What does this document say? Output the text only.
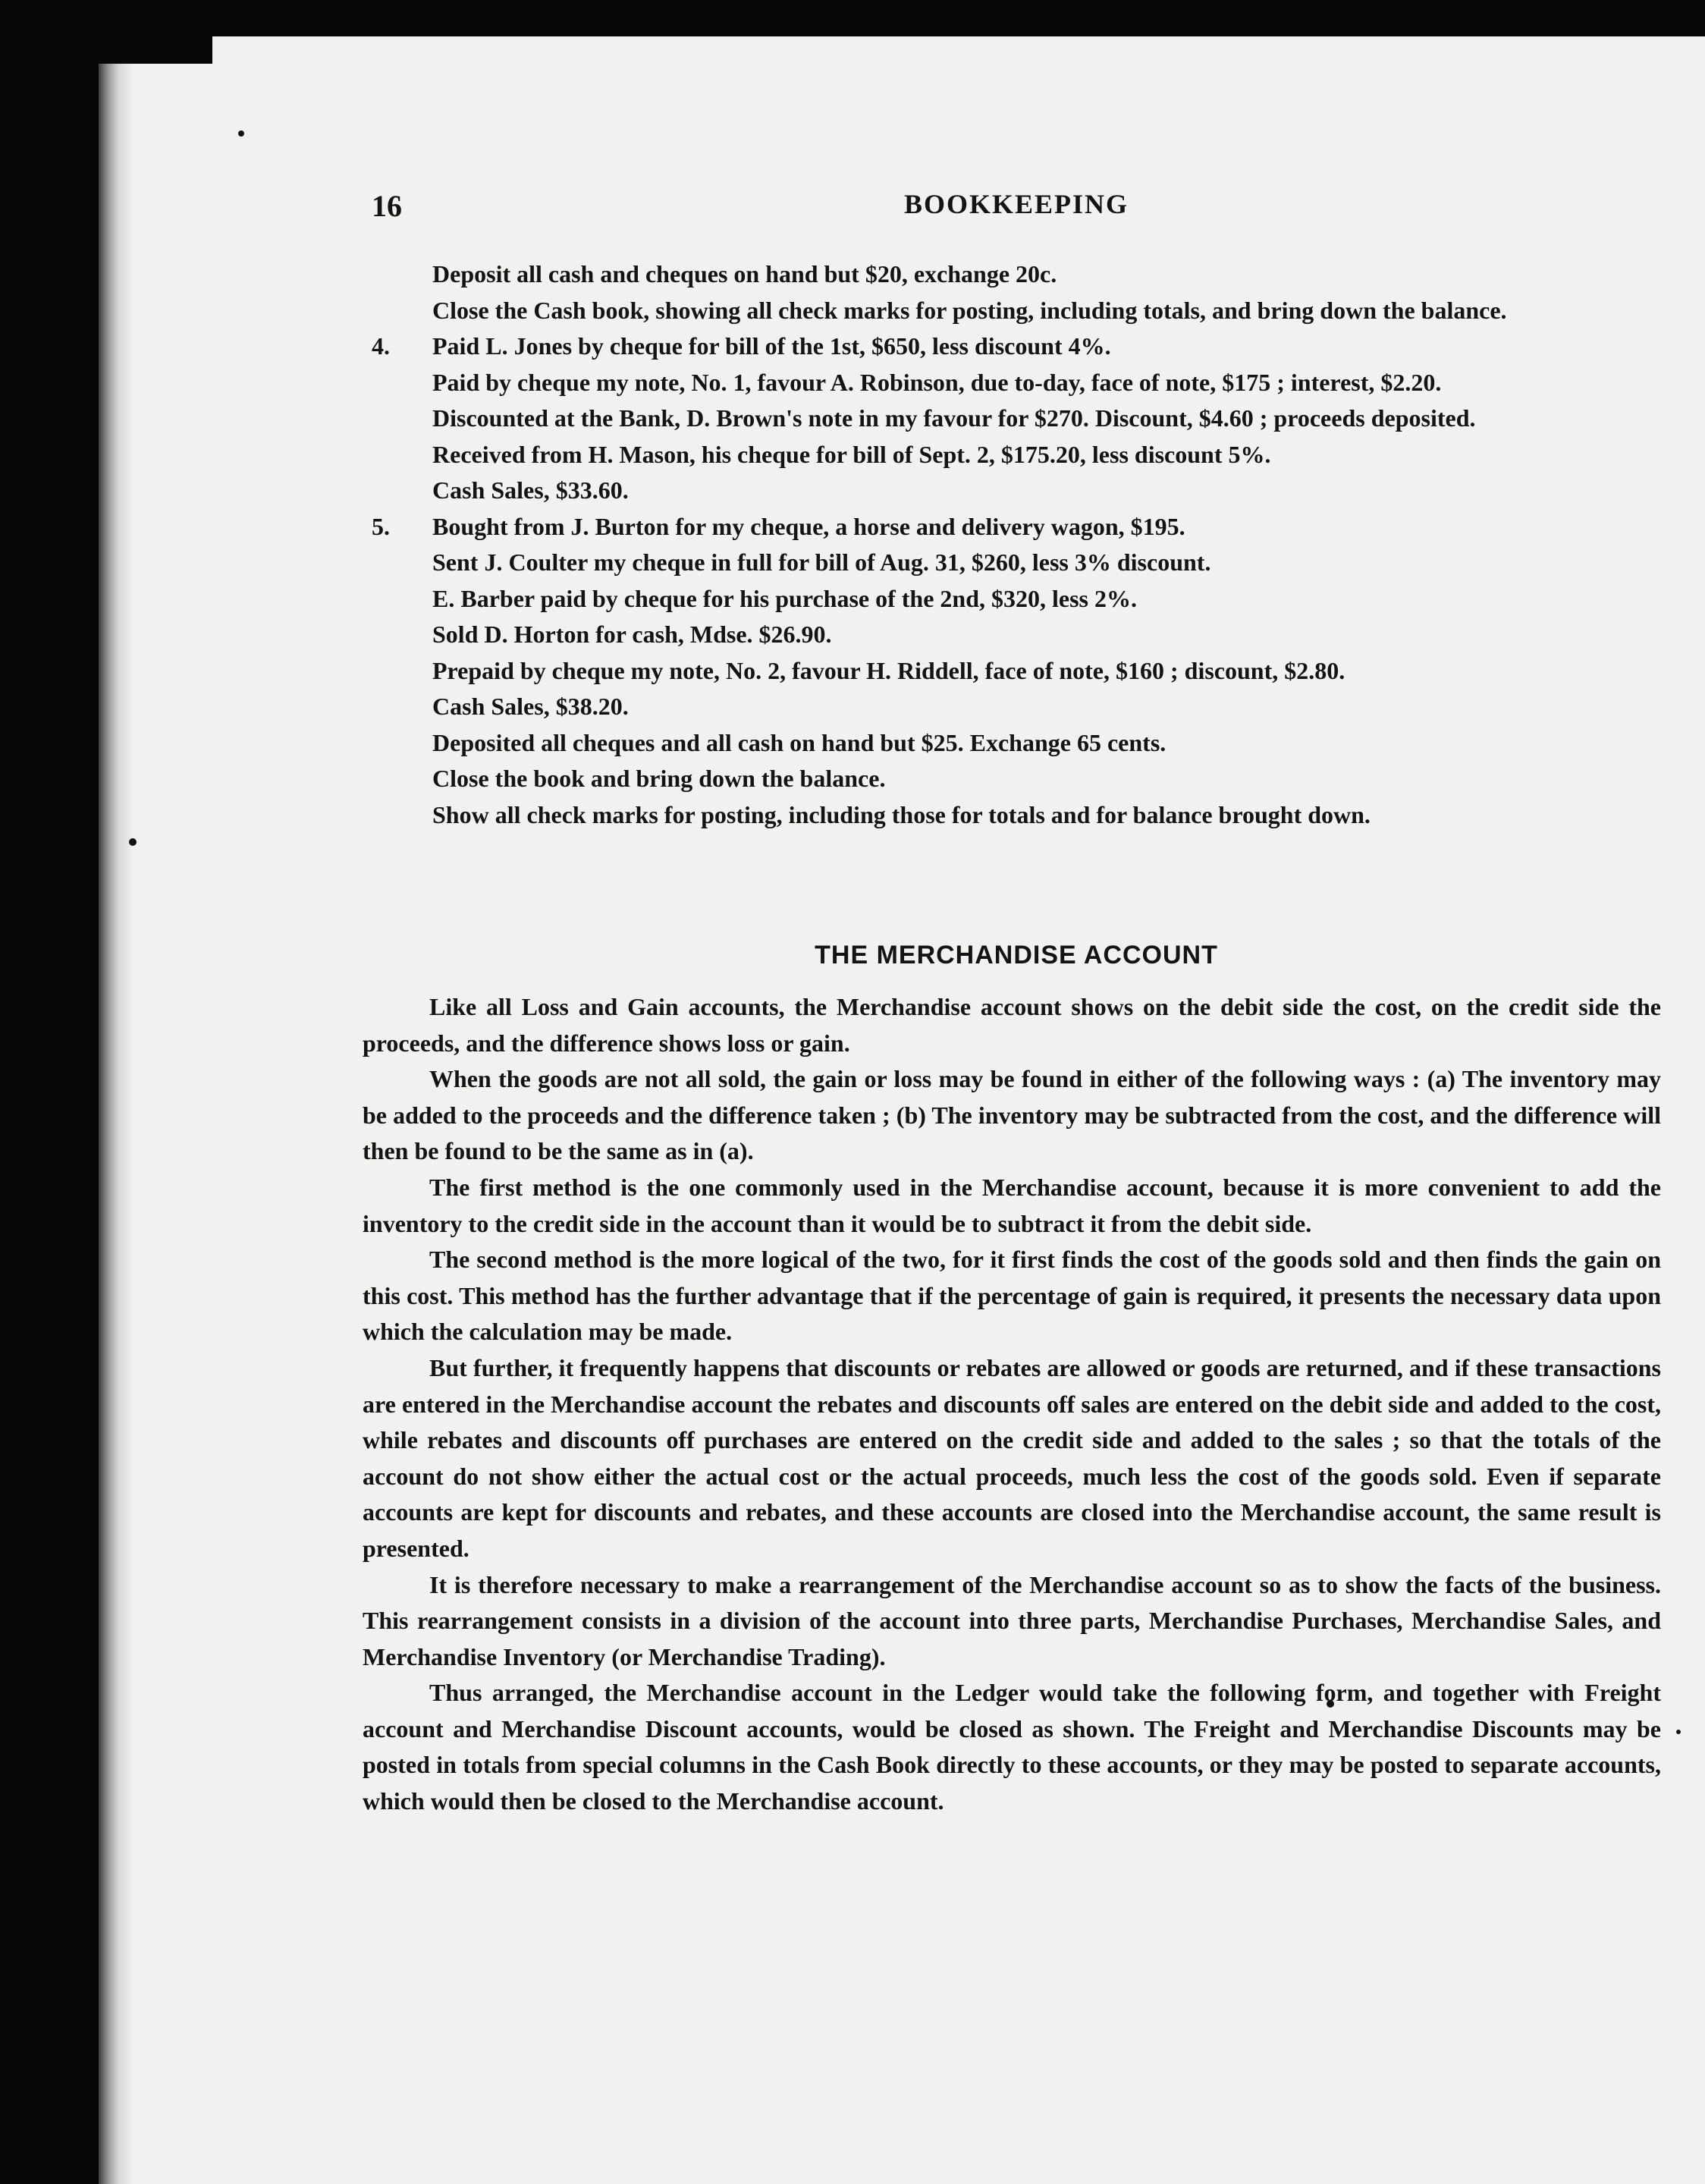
16	BOOKKEEPING

Deposit all cash and cheques on hand but $20, exchange 20c.

Close the Cash book, showing all check marks for posting, including totals, and bring down the balance.

4.	Paid L. Jones by cheque for bill of the 1st, $650, less discount 4%.

Paid by cheque my note, No. 1, favour A. Robinson, due to-day, face of note, $175 ; interest, $2.20.

Discounted at the Bank, D. Brown's note in my favour for $270. Discount, $4.60 ; proceeds deposited.

Received from H. Mason, his cheque for bill of Sept. 2, $175.20, less discount 5%.

Cash Sales, $33.60.

5.	Bought from J. Burton for my cheque, a horse and delivery wagon, $195.

Sent J. Coulter my cheque in full for bill of Aug. 31, $260, less 3% discount.

E. Barber paid by cheque for his purchase of the 2nd, $320, less 2%.

Sold D. Horton for cash, Mdse. $26.90.

Prepaid by cheque my note, No. 2, favour H. Riddell, face of note, $160 ; discount, $2.80.

Cash Sales, $38.20.

Deposited all cheques and all cash on hand but $25. Exchange 65 cents.

Close the book and bring down the balance.

Show all check marks for posting, including those for totals and for balance brought down.

THE MERCHANDISE ACCOUNT

Like all Loss and Gain accounts, the Merchandise account shows on the debit side the cost, on the credit side the proceeds, and the difference shows loss or gain.

When the goods are not all sold, the gain or loss may be found in either of the following ways : (a) The inventory may be added to the proceeds and the difference taken ; (b) The inventory may be subtracted from the cost, and the difference will then be found to be the same as in (a).

The first method is the one commonly used in the Merchandise account, because it is more convenient to add the inventory to the credit side in the account than it would be to subtract it from the debit side.

The second method is the more logical of the two, for it first finds the cost of the goods sold and then finds the gain on this cost. This method has the further advantage that if the percentage of gain is required, it presents the necessary data upon which the calculation may be made.

But further, it frequently happens that discounts or rebates are allowed or goods are returned, and if these transactions are entered in the Merchandise account the rebates and discounts off sales are entered on the debit side and added to the cost, while rebates and discounts off purchases are entered on the credit side and added to the sales ; so that the totals of the account do not show either the actual cost or the actual proceeds, much less the cost of the goods sold. Even if separate accounts are kept for discounts and rebates, and these accounts are closed into the Merchandise account, the same result is presented.

It is therefore necessary to make a rearrangement of the Merchandise account so as to show the facts of the business. This rearrangement consists in a division of the account into three parts, Merchandise Purchases, Merchandise Sales, and Merchandise Inventory (or Merchandise Trading).

Thus arranged, the Merchandise account in the Ledger would take the following form, and together with Freight account and Merchandise Discount accounts, would be closed as shown. The Freight and Merchandise Discounts may be posted in totals from special columns in the Cash Book directly to these accounts, or they may be posted to separate accounts, which would then be closed to the Merchandise account.
